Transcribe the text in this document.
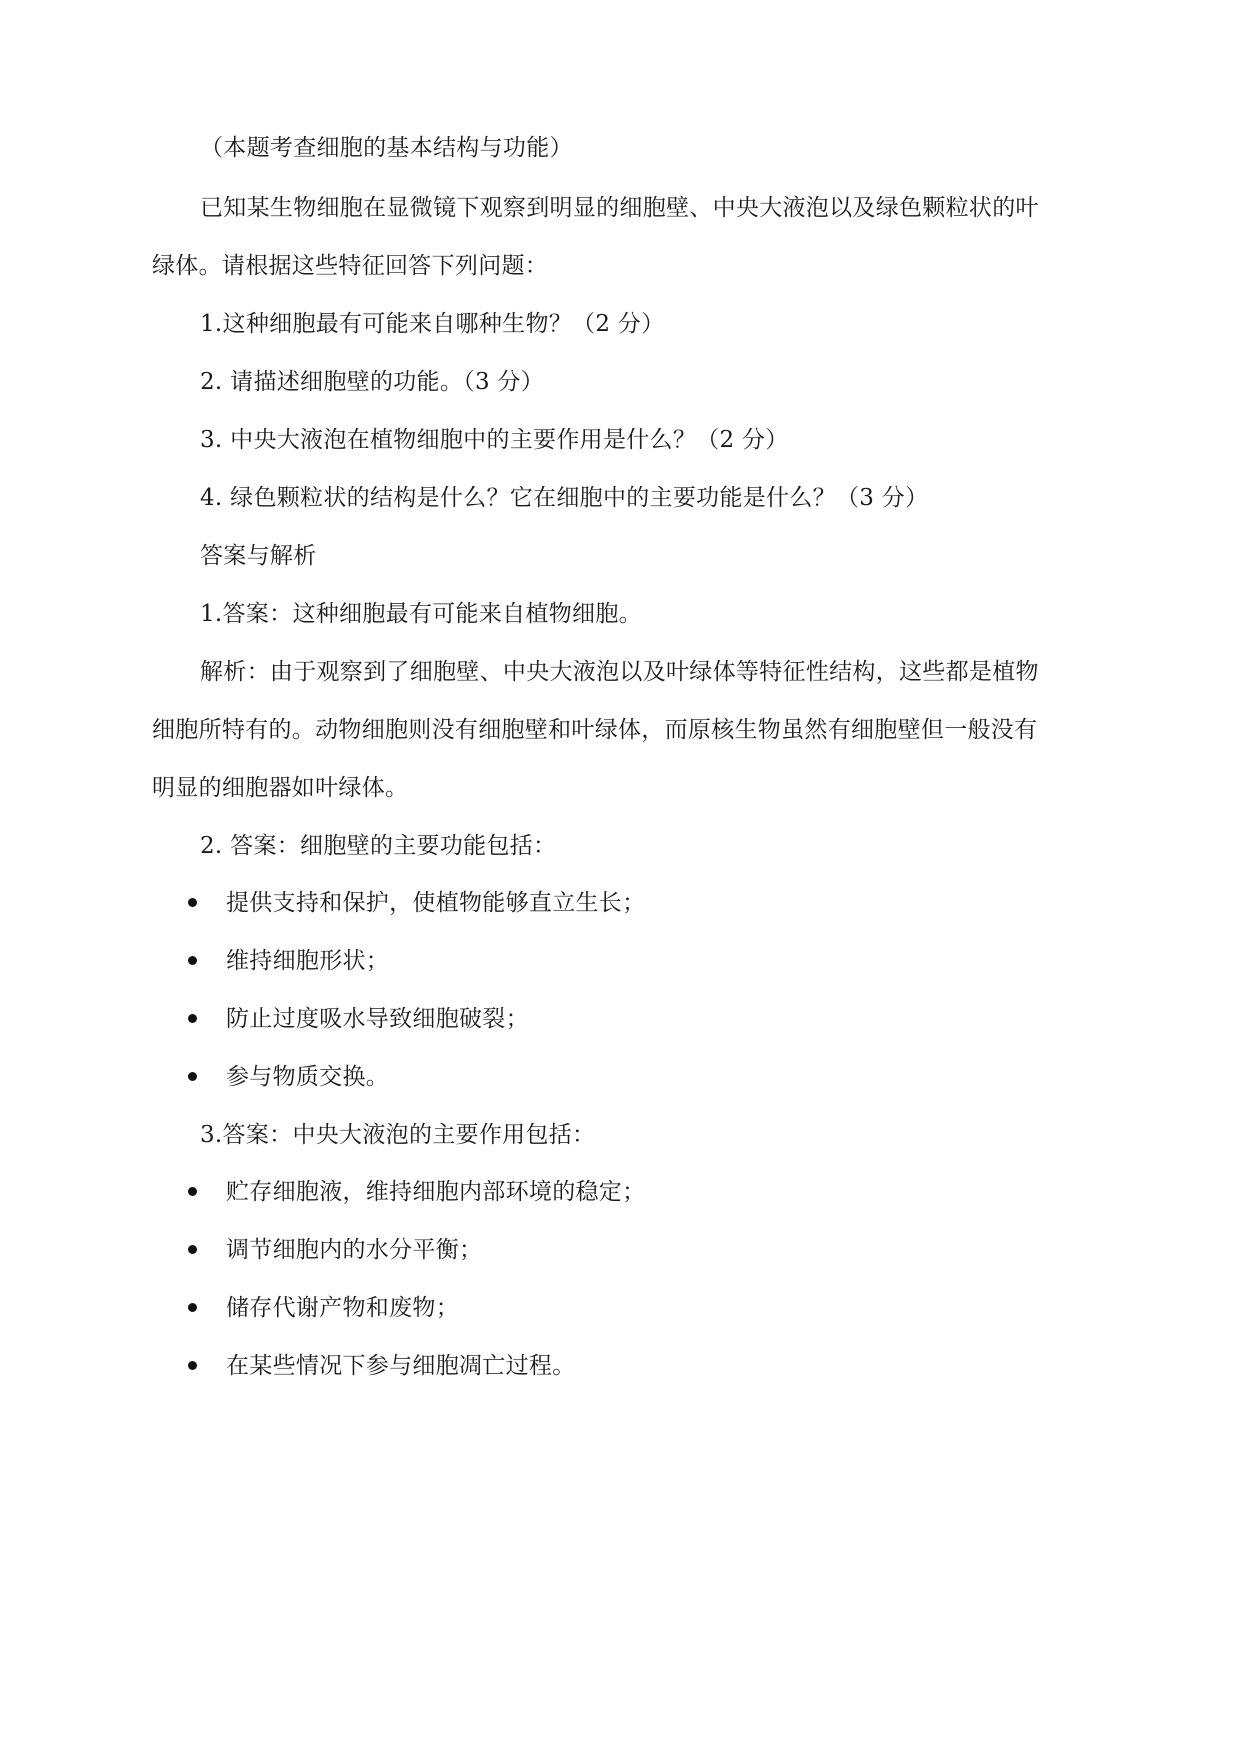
（本题考查细胞的基本结构与功能）
已知某生物细胞在显微镜下观察到明显的细胞壁、中央大液泡以及绿色颗粒状的叶
绿体。请根据这些特征回答下列问题：
1.这种细胞最有可能来自哪种生物？（2 分）
2. 请描述细胞壁的功能。（3 分）
3. 中央大液泡在植物细胞中的主要作用是什么？（2 分）
4. 绿色颗粒状的结构是什么？它在细胞中的主要功能是什么？（3 分）
答案与解析
1.答案：这种细胞最有可能来自植物细胞。
解析：由于观察到了细胞壁、中央大液泡以及叶绿体等特征性结构，这些都是植物
细胞所特有的。动物细胞则没有细胞壁和叶绿体，而原核生物虽然有细胞壁但一般没有
明显的细胞器如叶绿体。
2. 答案：细胞壁的主要功能包括：
提供支持和保护，使植物能够直立生长；
维持细胞形状；
防止过度吸水导致细胞破裂；
参与物质交换。
3.答案：中央大液泡的主要作用包括：
贮存细胞液，维持细胞内部环境的稳定；
调节细胞内的水分平衡；
储存代谢产物和废物；
在某些情况下参与细胞凋亡过程。
